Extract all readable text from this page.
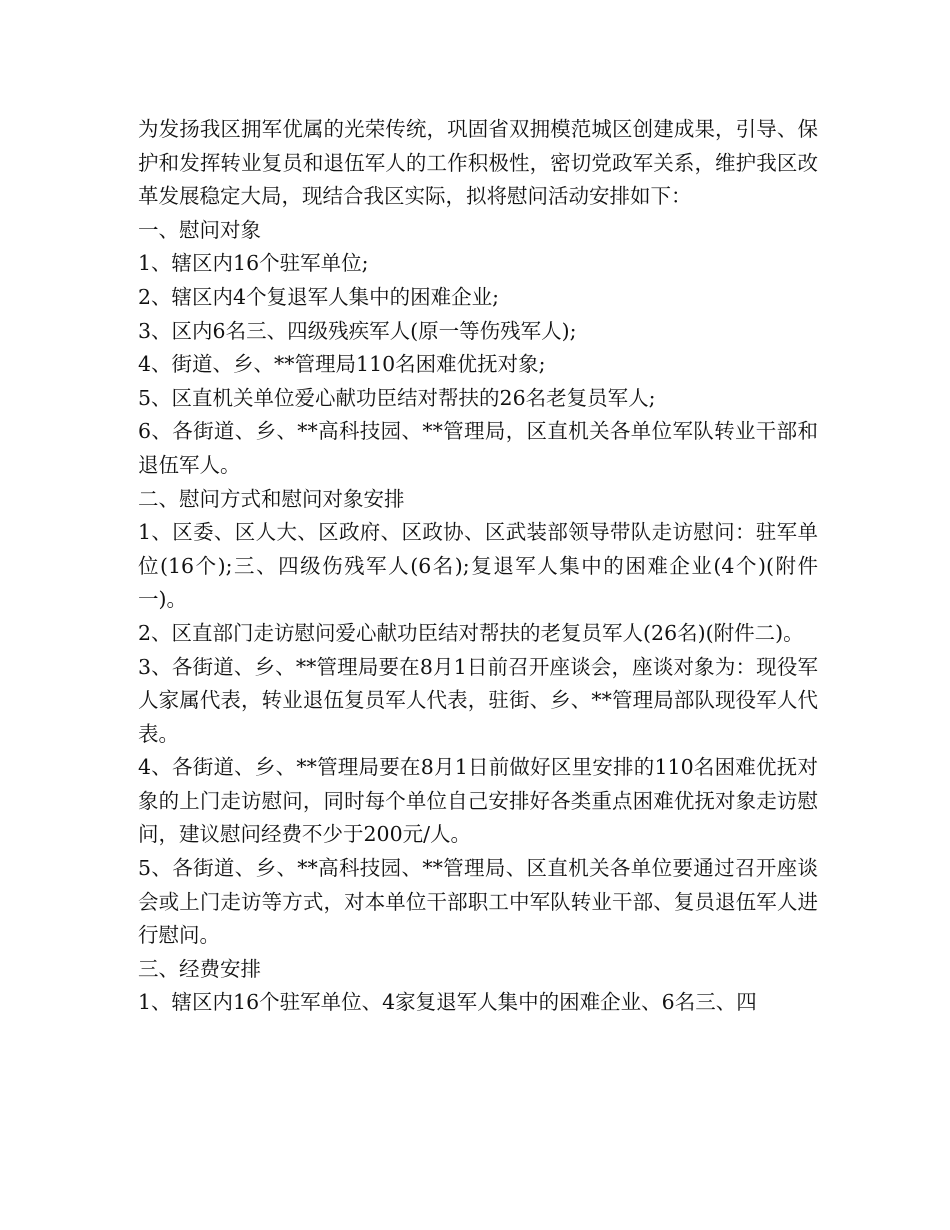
为发扬我区拥军优属的光荣传统，巩固省双拥模范城区创建成果，引导、保护和发挥转业复员和退伍军人的工作积极性，密切党政军关系，维护我区改革发展稳定大局，现结合我区实际，拟将慰问活动安排如下：

一、慰问对象

1、辖区内16个驻军单位;

2、辖区内4个复退军人集中的困难企业;

3、区内6名三、四级残疾军人(原一等伤残军人);

4、街道、乡、**管理局110名困难优抚对象;

5、区直机关单位爱心献功臣结对帮扶的26名老复员军人;

6、各街道、乡、**高科技园、**管理局，区直机关各单位军队转业干部和退伍军人。

二、慰问方式和慰问对象安排

1、区委、区人大、区政府、区政协、区武装部领导带队走访慰问：驻军单位(16个);三、四级伤残军人(6名);复退军人集中的困难企业(4个)(附件一)。

2、区直部门走访慰问爱心献功臣结对帮扶的老复员军人(26名)(附件二)。

3、各街道、乡、**管理局要在8月1日前召开座谈会，座谈对象为：现役军人家属代表，转业退伍复员军人代表，驻街、乡、**管理局部队现役军人代表。

4、各街道、乡、**管理局要在8月1日前做好区里安排的110名困难优抚对象的上门走访慰问，同时每个单位自己安排好各类重点困难优抚对象走访慰问，建议慰问经费不少于200元/人。

5、各街道、乡、**高科技园、**管理局、区直机关各单位要通过召开座谈会或上门走访等方式，对本单位干部职工中军队转业干部、复员退伍军人进行慰问。

三、经费安排

1、辖区内16个驻军单位、4家复退军人集中的困难企业、6名三、四
